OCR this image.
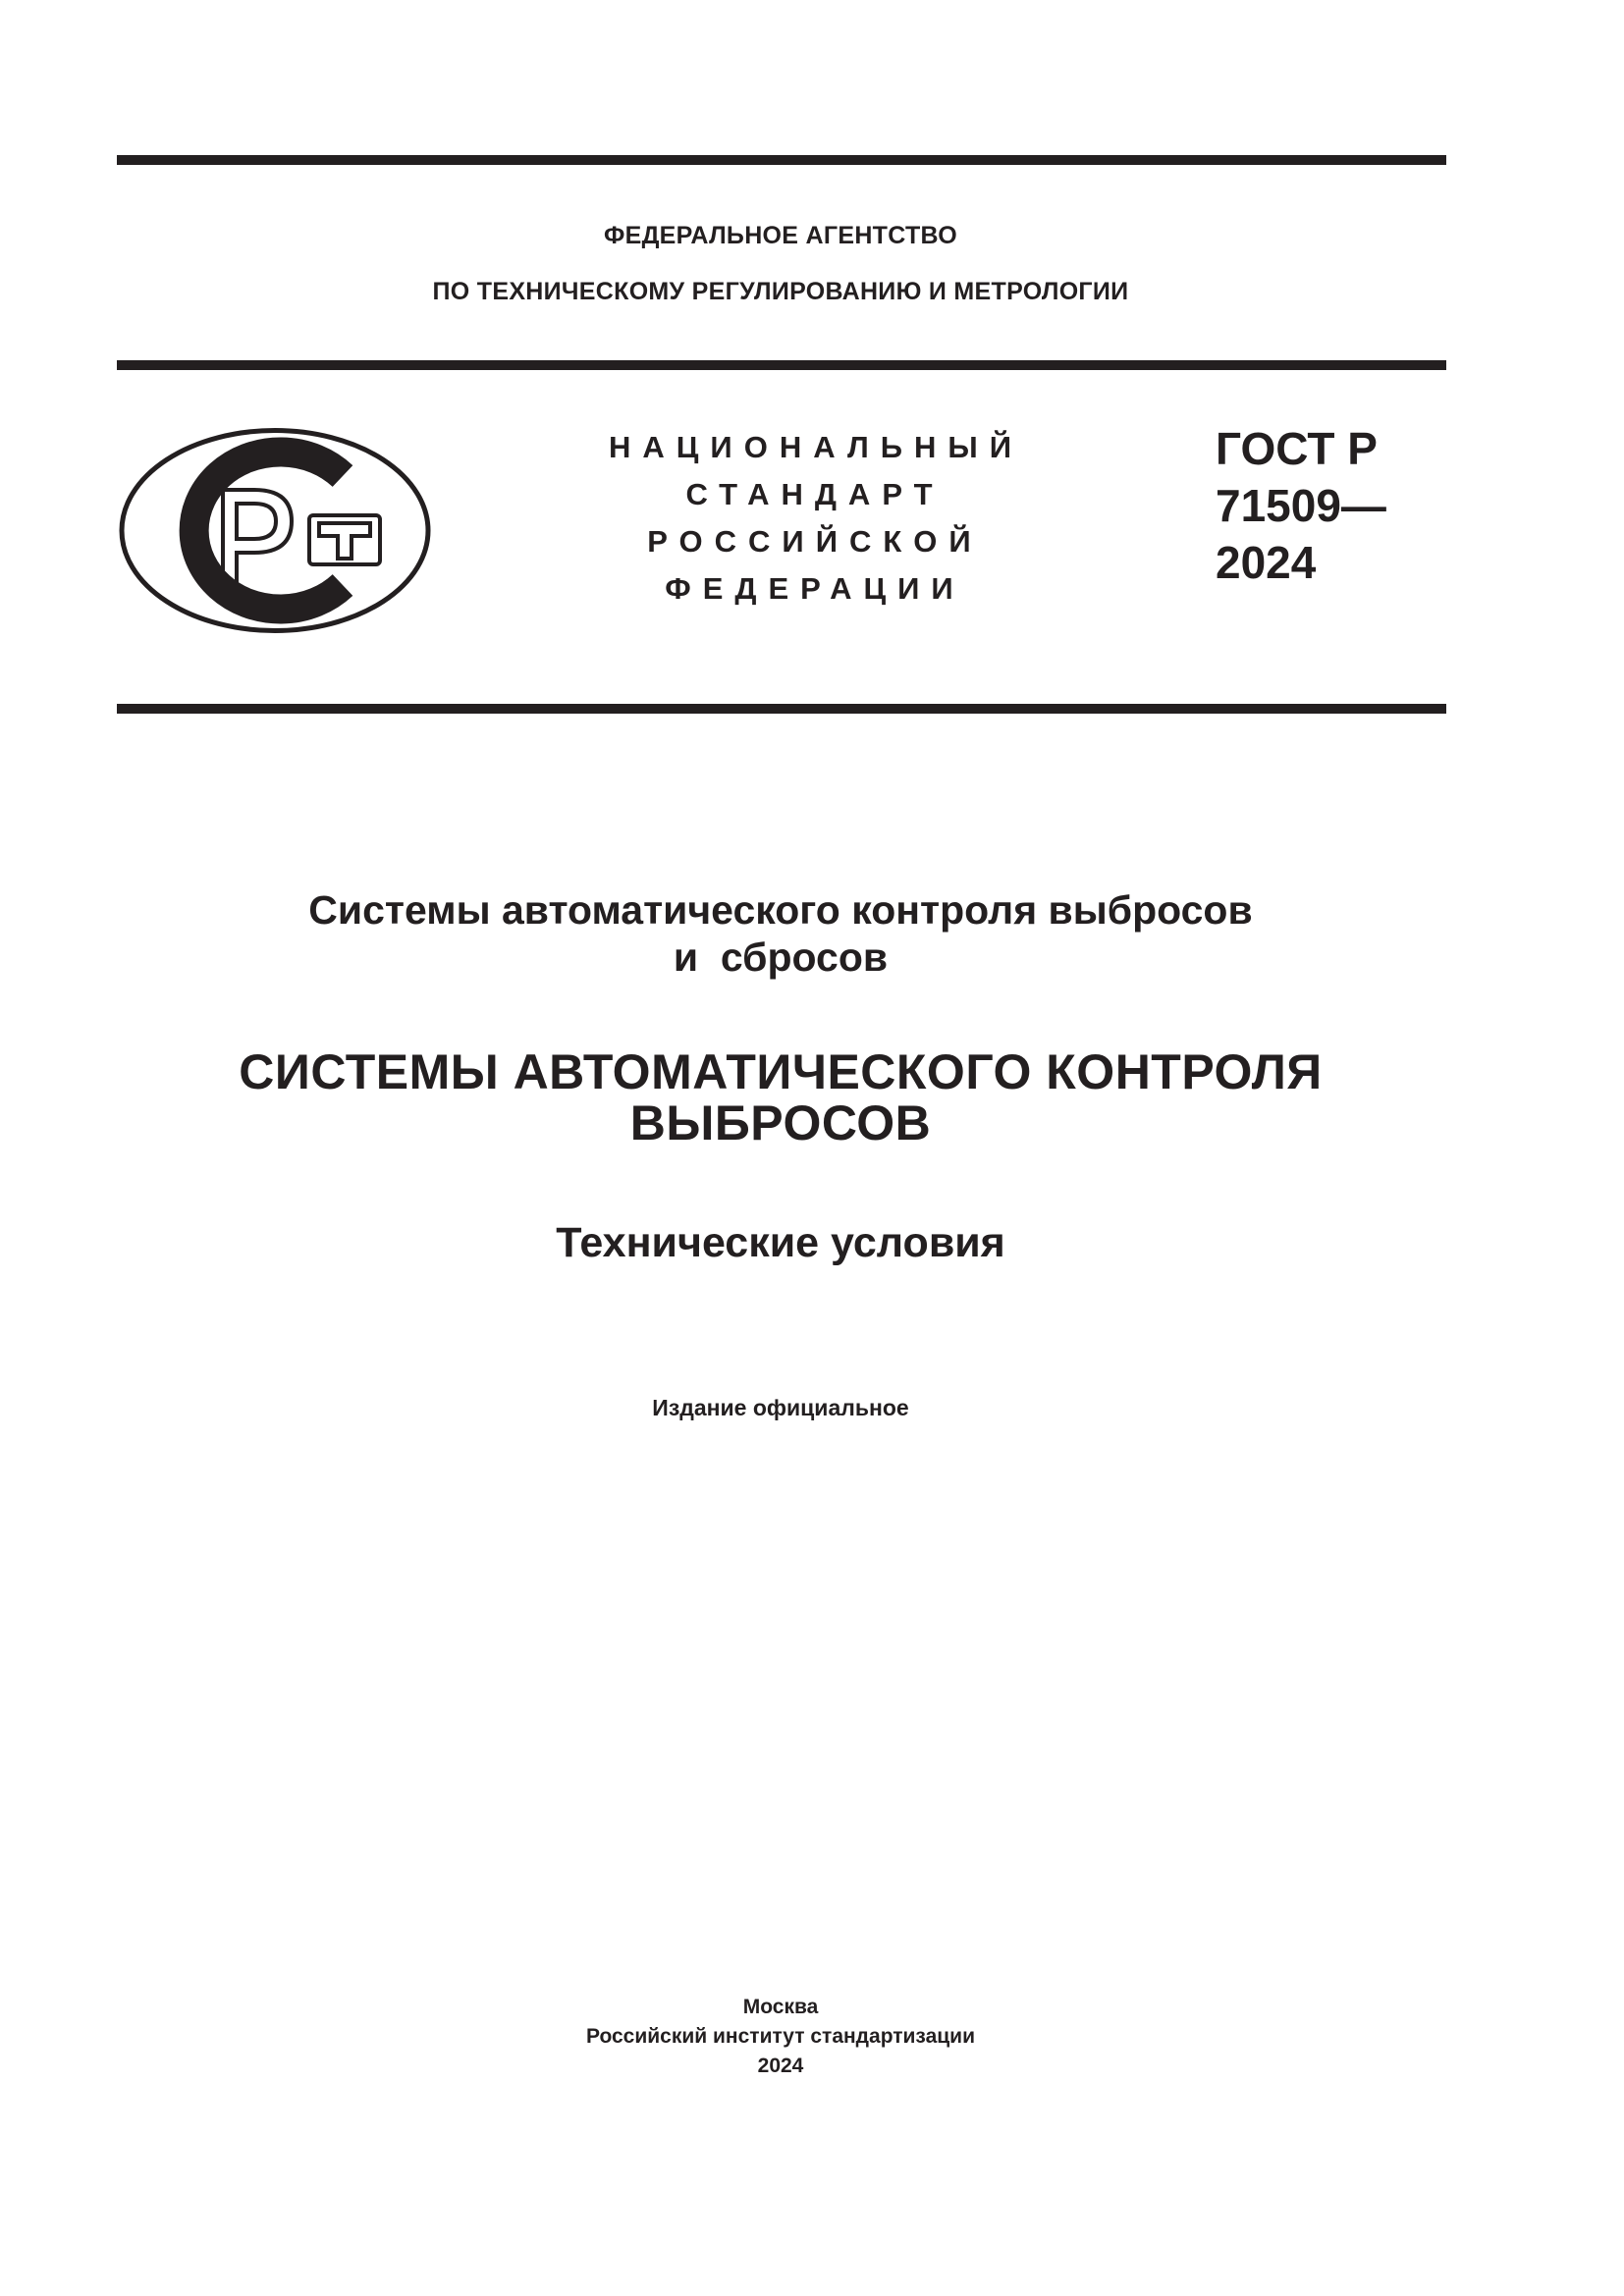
ФЕДЕРАЛЬНОЕ АГЕНТСТВО
ПО ТЕХНИЧЕСКОМУ РЕГУЛИРОВАНИЮ И МЕТРОЛОГИИ
НАЦИОНАЛЬНЫЙ
СТАНДАРТ
РОССИЙСКОЙ
ФЕДЕРАЦИИ
ГОСТ Р
71509—
2024
Системы автоматического контроля выбросов
и  сбросов
СИСТЕМЫ АВТОМАТИЧЕСКОГО КОНТРОЛЯ
ВЫБРОСОВ
Технические условия
Издание официальное
Москва
Российский институт стандартизации
2024
